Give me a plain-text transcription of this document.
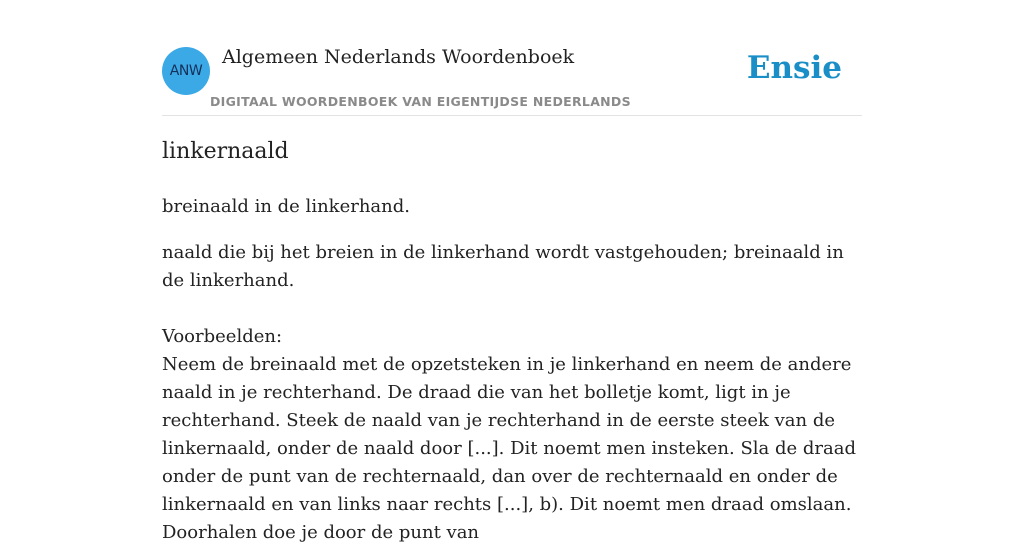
ANW
Algemeen Nederlands Woordenboek
DIGITAAL WOORDENBOEK VAN EIGENTIJDSE NEDERLANDS
Ensie
linkernaald
breinaald in de linkerhand.

naald die bij het breien in de linkerhand wordt vastgehouden; breinaald in de linkerhand.

Voorbeelden:

Neem de breinaald met de opzetsteken in je linkerhand en neem de andere naald in je rechterhand. De draad die van het bolletje komt, ligt in je rechterhand. Steek de naald van je rechterhand in de eerste steek van de linkernaald, onder de naald door [...]. Dit noemt men insteken. Sla de draad onder de punt van de rechternaald, dan over de rechternaald en onder de linkernaald en van links naar rechts [...], b). Dit noemt men draad omslaan. Doorhalen doe je door de punt van
